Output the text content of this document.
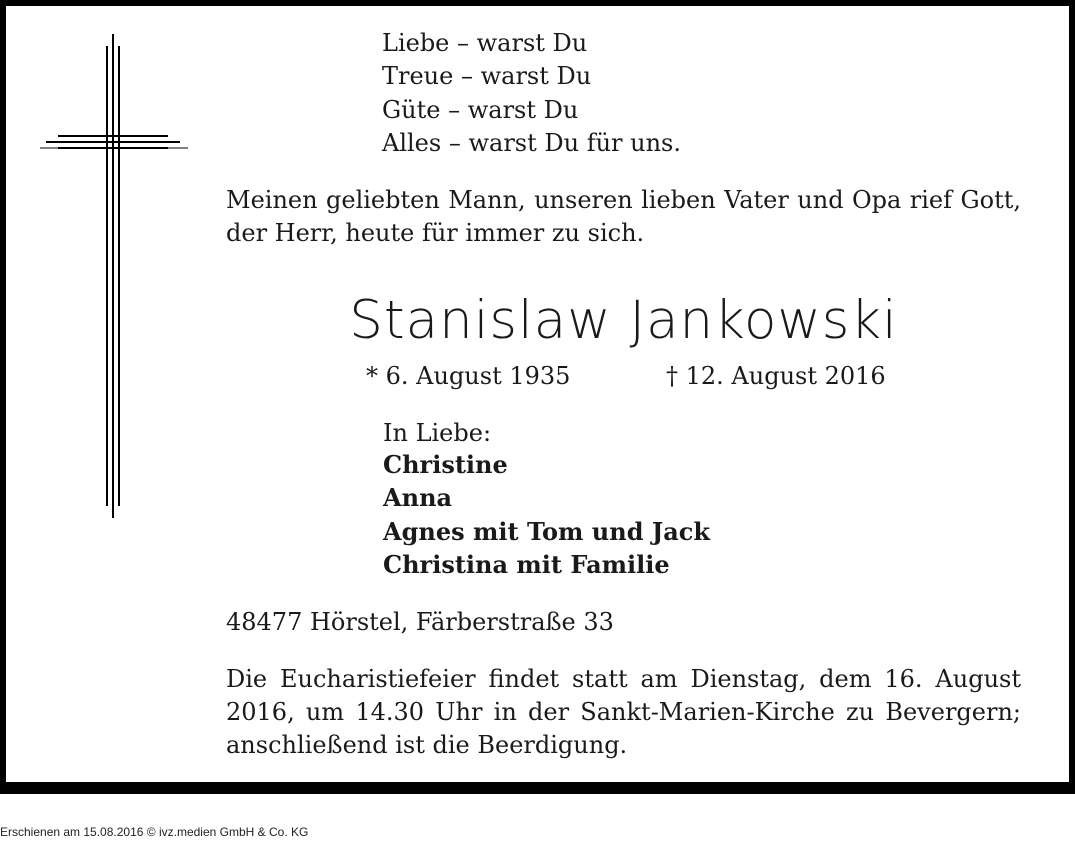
Liebe – warst Du
Treue – warst Du
Güte – warst Du
Alles – warst Du für uns.
Meinen geliebten Mann, unseren lieben Vater und Opa rief Gott, der Herr, heute für immer zu sich.
Stanislaw Jankowski
* 6. August 1935	† 12. August 2016
In Liebe:
Christine
Anna
Agnes mit Tom und Jack
Christina mit Familie
48477 Hörstel, Färberstraße 33
Die Eucharistiefeier findet statt am Dienstag, dem 16. August 2016, um 14.30 Uhr in der Sankt-Marien-Kirche zu Bevergern; anschließend ist die Beerdigung.
Erschienen am 15.08.2016 © ivz.medien GmbH & Co. KG
